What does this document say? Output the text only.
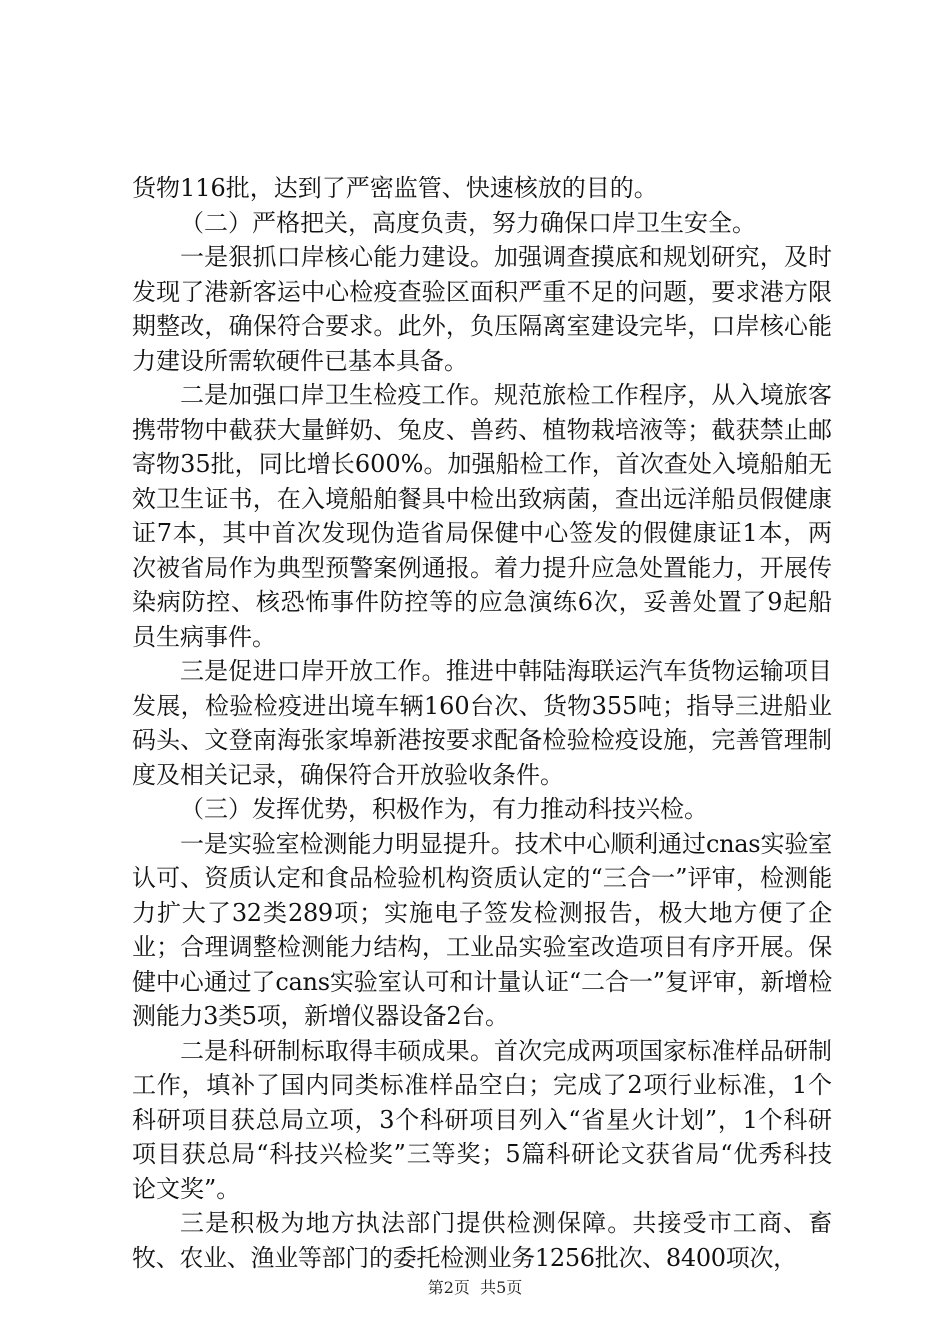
货物116批，达到了严密监管、快速核放的目的。

（二）严格把关，高度负责，努力确保口岸卫生安全。

一是狠抓口岸核心能力建设。加强调查摸底和规划研究，及时发现了港新客运中心检疫查验区面积严重不足的问题，要求港方限期整改，确保符合要求。此外，负压隔离室建设完毕，口岸核心能力建设所需软硬件已基本具备。

二是加强口岸卫生检疫工作。规范旅检工作程序，从入境旅客携带物中截获大量鲜奶、兔皮、兽药、植物栽培液等；截获禁止邮寄物35批，同比增长600%。加强船检工作，首次查处入境船舶无效卫生证书，在入境船舶餐具中检出致病菌，查出远洋船员假健康证7本，其中首次发现伪造省局保健中心签发的假健康证1本，两次被省局作为典型预警案例通报。着力提升应急处置能力，开展传染病防控、核恐怖事件防控等的应急演练6次，妥善处置了9起船员生病事件。

三是促进口岸开放工作。推进中韩陆海联运汽车货物运输项目发展，检验检疫进出境车辆160台次、货物355吨；指导三进船业码头、文登南海张家埠新港按要求配备检验检疫设施，完善管理制度及相关记录，确保符合开放验收条件。

（三）发挥优势，积极作为，有力推动科技兴检。

一是实验室检测能力明显提升。技术中心顺利通过cnas实验室认可、资质认定和食品检验机构资质认定的“三合一”评审，检测能力扩大了32类289项；实施电子签发检测报告，极大地方便了企业；合理调整检测能力结构，工业品实验室改造项目有序开展。保健中心通过了cans实验室认可和计量认证“二合一”复评审，新增检测能力3类5项，新增仪器设备2台。

二是科研制标取得丰硕成果。首次完成两项国家标准样品研制工作，填补了国内同类标准样品空白；完成了2项行业标准，1个科研项目获总局立项，3个科研项目列入“省星火计划”，1个科研项目获总局“科技兴检奖”三等奖；5篇科研论文获省局“优秀科技论文奖”。

三是积极为地方执法部门提供检测保障。共接受市工商、畜牧、农业、渔业等部门的委托检测业务1256批次、8400项次，

第2页 共5页
